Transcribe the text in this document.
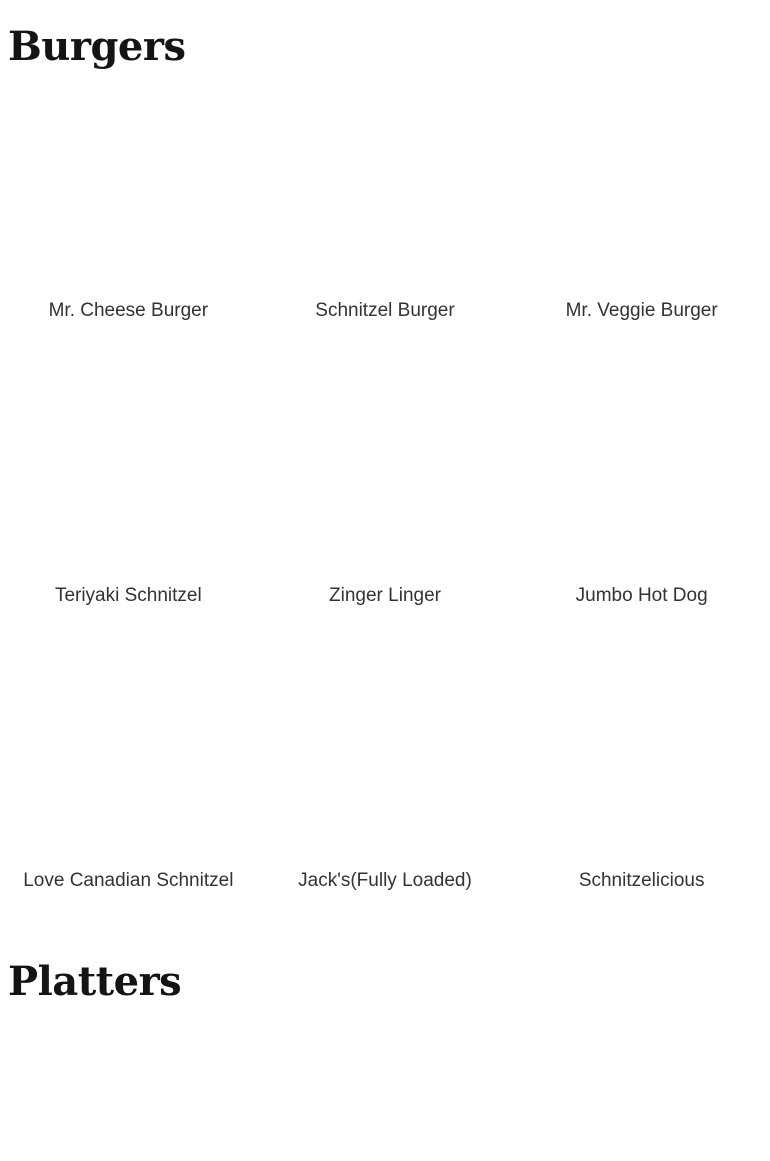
Burgers
Mr. Cheese Burger	Schnitzel Burger	Mr. Veggie Burger
Teriyaki Schnitzel	Zinger Linger	Jumbo Hot Dog
Love Canadian Schnitzel	Jack's(Fully Loaded)	Schnitzelicious
Platters
